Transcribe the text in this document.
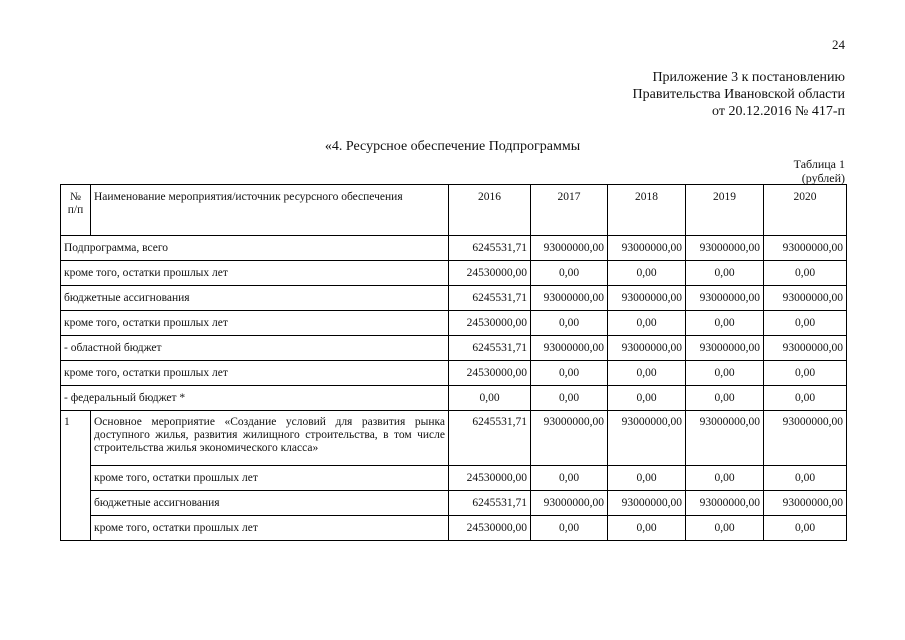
24
Приложение 3 к постановлению
Правительства Ивановской области
от 20.12.2016 № 417-п
«4. Ресурсное обеспечение Подпрограммы
Таблица 1
(рублей)
№ п/п	Наименование мероприятия/источник ресурсного обеспечения	2016	2017	2018	2019	2020
Подпрограмма, всего		6245531,71	93000000,00	93000000,00	93000000,00	93000000,00
кроме того, остатки прошлых лет		24530000,00	0,00	0,00	0,00	0,00
бюджетные ассигнования		6245531,71	93000000,00	93000000,00	93000000,00	93000000,00
кроме того, остатки прошлых лет		24530000,00	0,00	0,00	0,00	0,00
- областной бюджет		6245531,71	93000000,00	93000000,00	93000000,00	93000000,00
кроме того, остатки прошлых лет		24530000,00	0,00	0,00	0,00	0,00
- федеральный бюджет *		0,00	0,00	0,00	0,00	0,00
1	Основное мероприятие «Создание условий для развития рынка доступного жилья, развития жилищного строительства, в том числе строительства жилья экономического класса»	6245531,71	93000000,00	93000000,00	93000000,00	93000000,00
	кроме того, остатки прошлых лет	24530000,00	0,00	0,00	0,00	0,00
	бюджетные ассигнования	6245531,71	93000000,00	93000000,00	93000000,00	93000000,00
	кроме того, остатки прошлых лет	24530000,00	0,00	0,00	0,00	0,00
